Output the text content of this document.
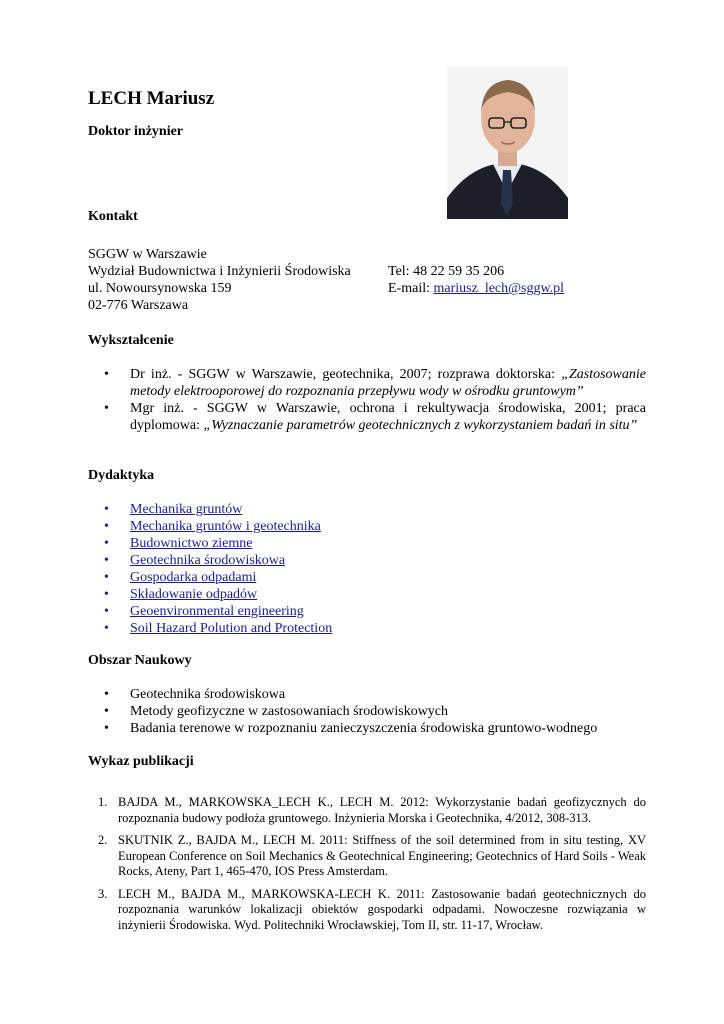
LECH Mariusz
Doktor inżynier
Kontakt
SGGW w Warszawie
Wydział Budownictwa i Inżynierii Środowiska
ul. Nowoursynowska 159
02-776 Warszawa
Tel: 48 22 59 35 206
E-mail: mariusz_lech@sggw.pl
Wykształcenie
• Dr inż. - SGGW w Warszawie, geotechnika, 2007; rozprawa doktorska: „Zastosowanie metody elektrooporowej do rozpoznania przepływu wody w ośrodku gruntowym”
• Mgr inż. - SGGW w Warszawie, ochrona i rekultywacja środowiska, 2001; praca dyplomowa: „Wyznaczanie parametrów geotechnicznych z wykorzystaniem badań in situ”
Dydaktyka
• Mechanika gruntów
• Mechanika gruntów i geotechnika
• Budownictwo ziemne
• Geotechnika środowiskowa
• Gospodarka odpadami
• Składowanie odpadów
• Geoenvironmental engineering
• Soil Hazard Polution and Protection
Obszar Naukowy
• Geotechnika środowiskowa
• Metody geofizyczne w zastosowaniach środowiskowych
• Badania terenowe w rozpoznaniu zanieczyszczenia środowiska gruntowo-wodnego
Wykaz publikacji
1. BAJDA M., MARKOWSKA_LECH K., LECH M. 2012: Wykorzystanie badań geofizycznych do rozpoznania budowy podłoża gruntowego. Inżynieria Morska i Geotechnika, 4/2012, 308-313.
2. SKUTNIK Z., BAJDA M., LECH M. 2011: Stiffness of the soil determined from in situ testing, XV European Conference on Soil Mechanics & Geotechnical Engineering; Geotechnics of Hard Soils - Weak Rocks, Ateny, Part 1, 465-470, IOS Press Amsterdam.
3. LECH M., BAJDA M., MARKOWSKA-LECH K. 2011: Zastosowanie badań geotechnicznych do rozpoznania warunków lokalizacji obiektów gospodarki odpadami. Nowoczesne rozwiązania w inżynierii Środowiska. Wyd. Politechniki Wrocławskiej, Tom II, str. 11-17, Wrocław.
